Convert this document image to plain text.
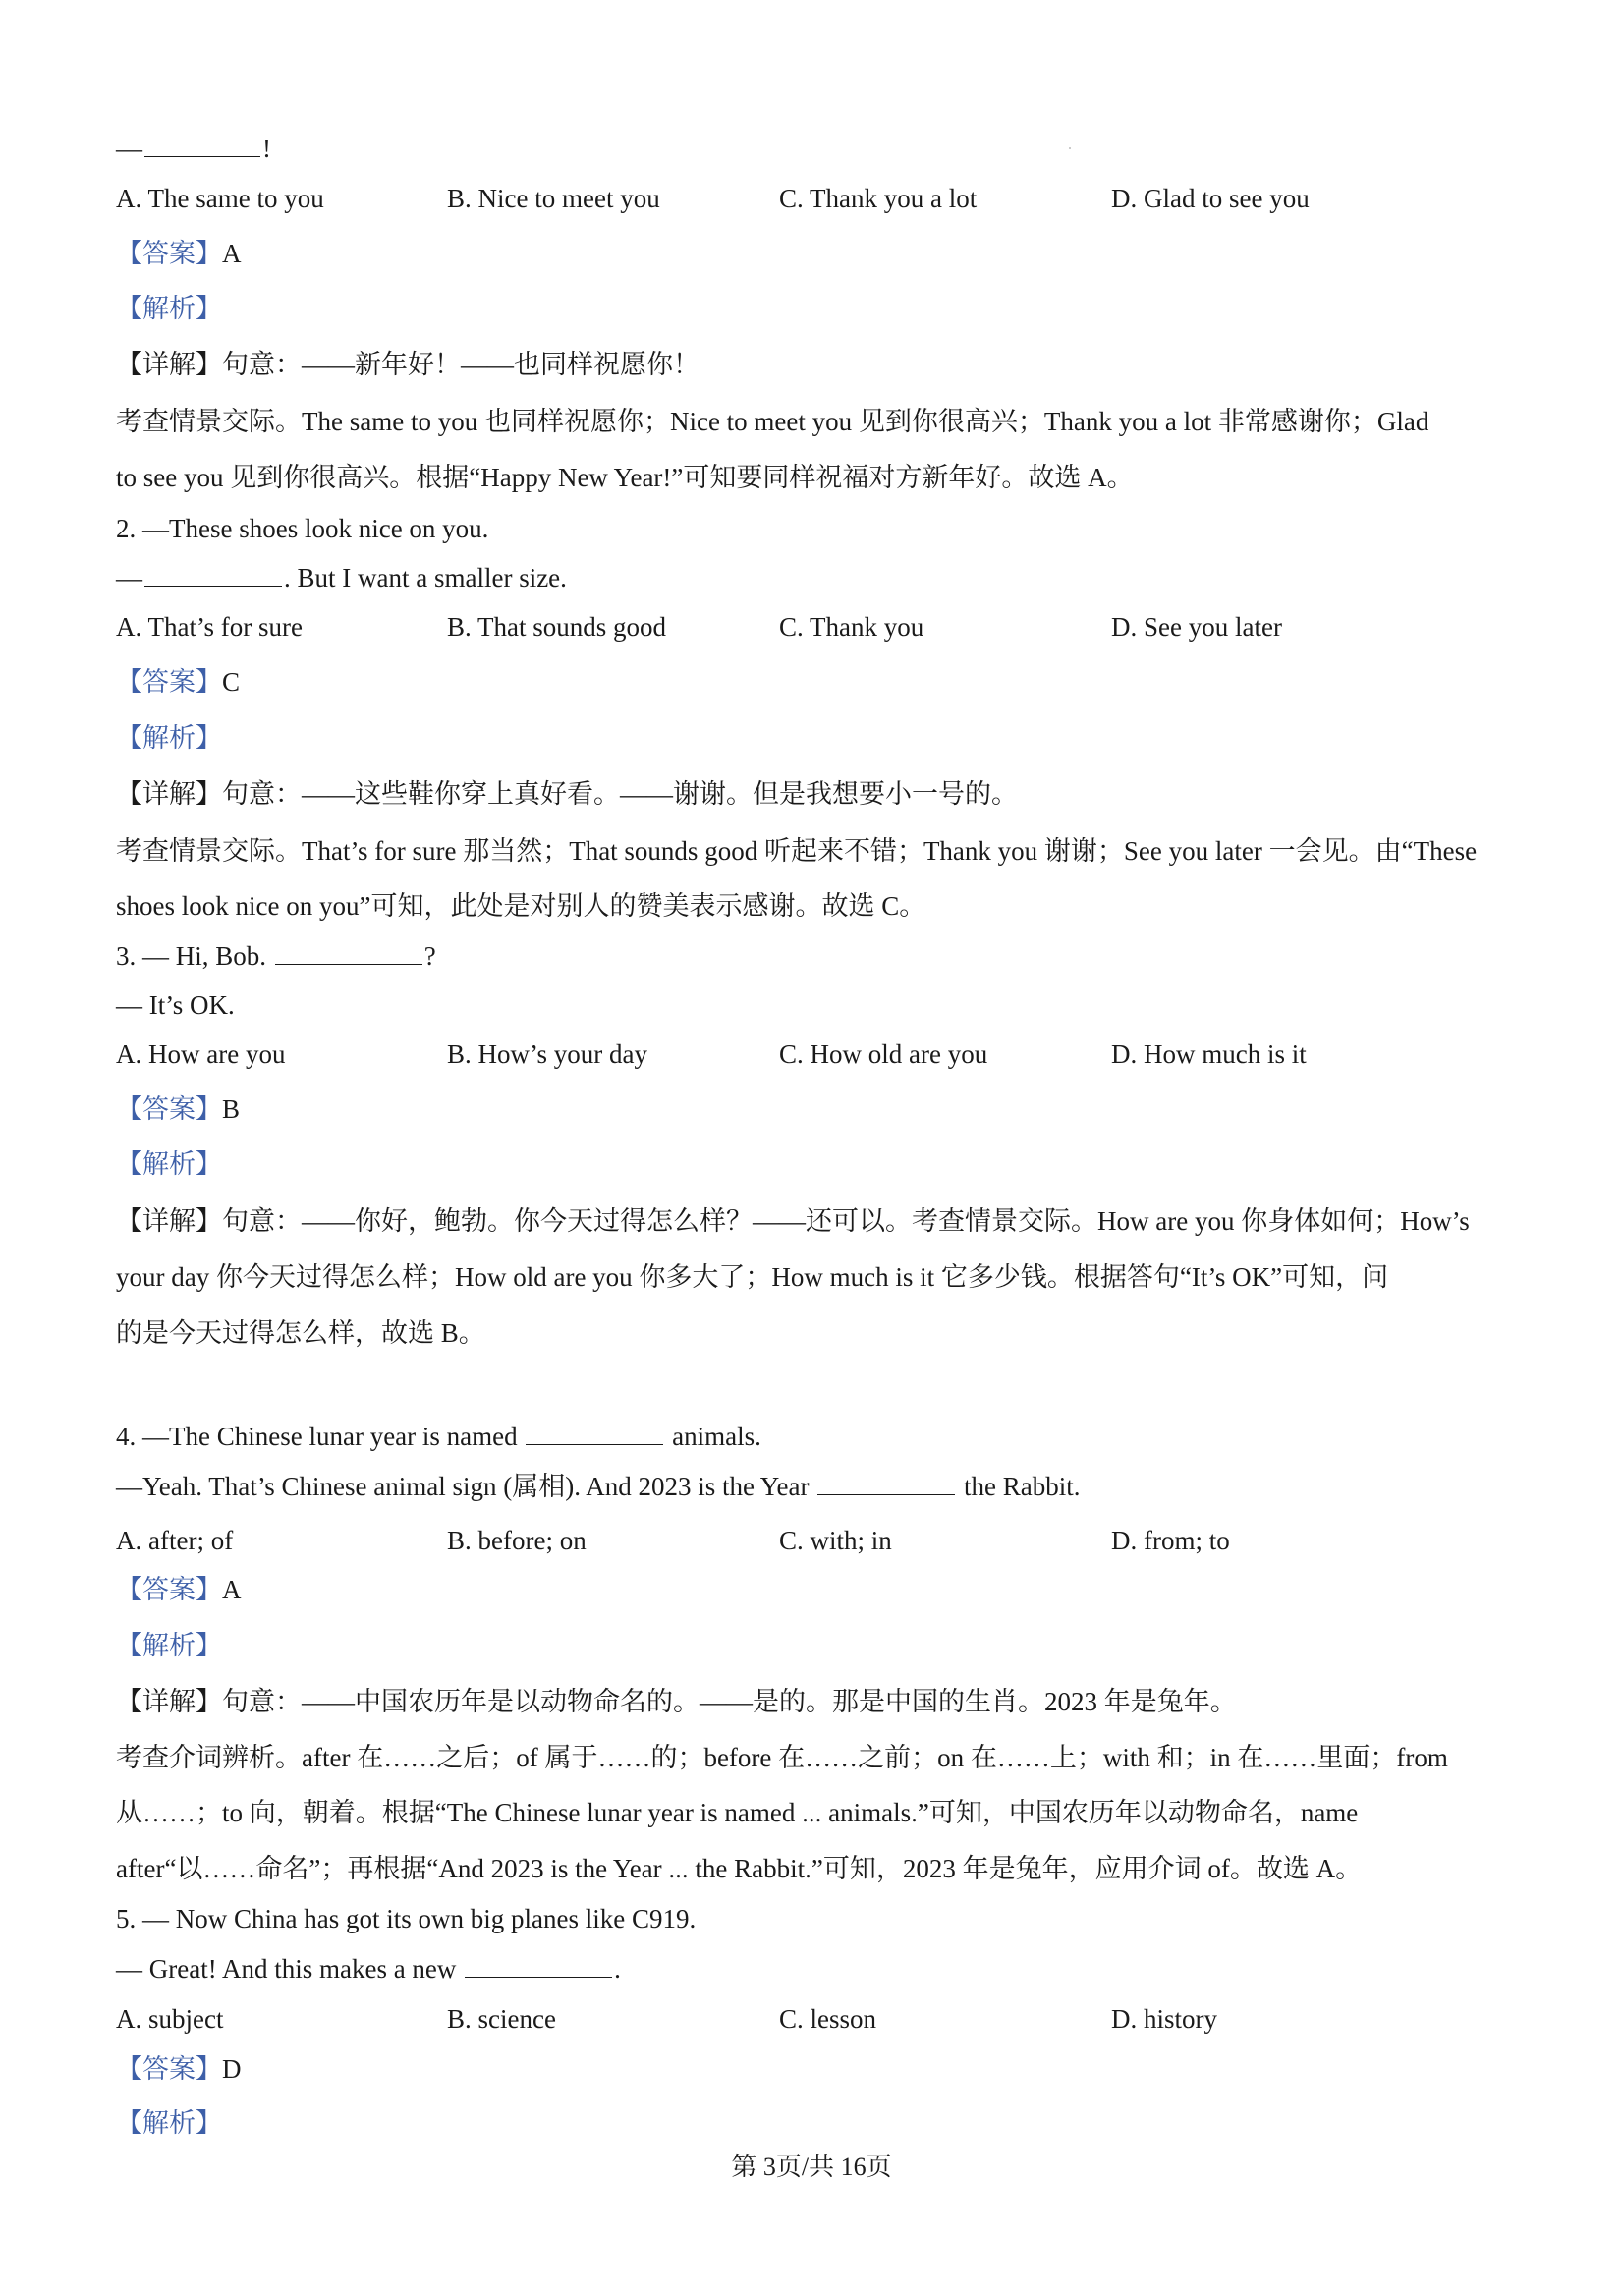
—	!
A. The same to you	B. Nice to meet you	C. Thank you a lot	D. Glad to see you
【答案】A
【解析】
【详解】句意：——新年好！——也同样祝愿你！
考查情景交际。The same to you 也同样祝愿你；Nice to meet you 见到你很高兴；Thank you a lot 非常感谢你；Glad
to see you 见到你很高兴。根据“Happy New Year!”可知要同样祝福对方新年好。故选 A。
2. —These shoes look nice on you.
—	. But I want a smaller size.
A. That’s for sure	B. That sounds good	C. Thank you	D. See you later
【答案】C
【解析】
【详解】句意：——这些鞋你穿上真好看。——谢谢。但是我想要小一号的。
考查情景交际。That’s for sure 那当然；That sounds good 听起来不错；Thank you 谢谢；See you later 一会见。由“These
shoes look nice on you”可知，此处是对别人的赞美表示感谢。故选 C。
3. — Hi, Bob.	?
— It’s OK.
A. How are you	B. How’s your day	C. How old are you	D. How much is it
【答案】B
【解析】
【详解】句意：——你好，鲍勃。你今天过得怎么样？——还可以。考查情景交际。How are you 你身体如何；How’s
your day 你今天过得怎么样；How old are you 你多大了；How much is it 它多少钱。根据答句“It’s OK”可知，问
的是今天过得怎么样，故选 B。
4. —The Chinese lunar year is named	animals.
—Yeah. That’s Chinese animal sign (属相). And 2023 is the Year	the Rabbit.
A. after; of	B. before; on	C. with; in	D. from; to
【答案】A
【解析】
【详解】句意：——中国农历年是以动物命名的。——是的。那是中国的生肖。2023 年是兔年。
考查介词辨析。after 在……之后；of 属于……的；before 在……之前；on 在……上；with 和；in 在……里面；from
从……；to 向，朝着。根据“The Chinese lunar year is named ... animals.”可知，中国农历年以动物命名，name
after“以……命名”；再根据“And 2023 is the Year ... the Rabbit.”可知，2023 年是兔年，应用介词 of。故选 A。
5. — Now China has got its own big planes like C919.
— Great! And this makes a new	.
A. subject	B. science	C. lesson	D. history
【答案】D
【解析】
第 3页/共 16页
